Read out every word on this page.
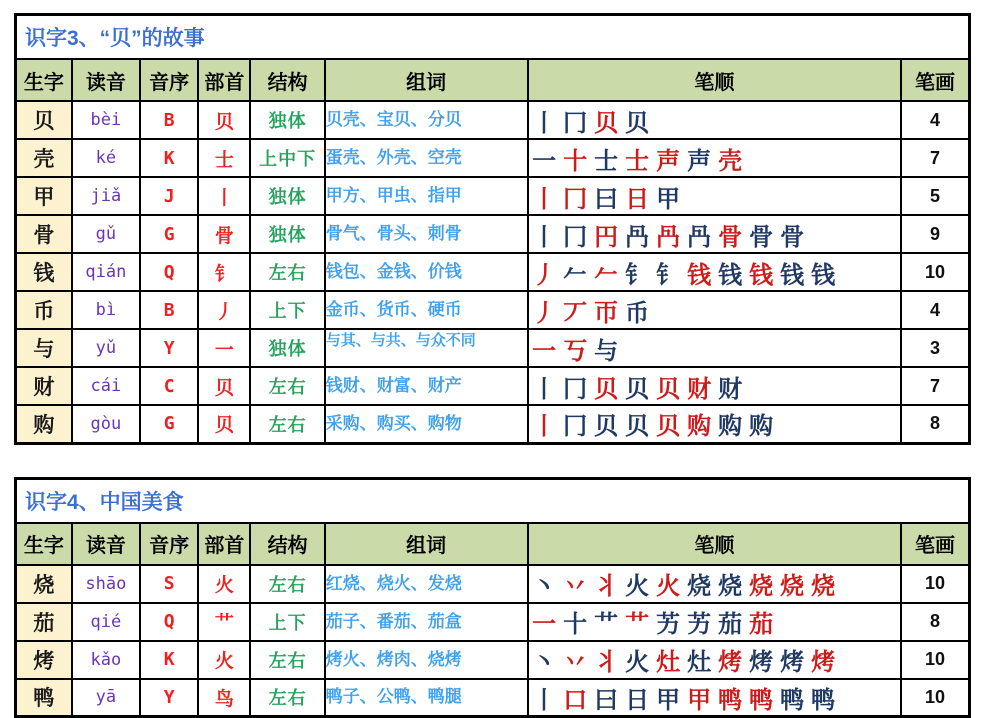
识字3、“贝”的故事							
生字	读音	音序	部首	结构	组词	笔顺	笔画
贝	bèi	B	贝	独体	贝壳、宝贝、分贝	丨 冂 贝 贝	4
壳	ké	K	士	上中下	蛋壳、外壳、空壳	一 十 士 士 声 声 壳	7
甲	jiǎ	J	丨	独体	甲方、甲虫、指甲	丨 冂 曰 日 甲	5
骨	gǔ	G	骨	独体	骨气、骨头、刺骨	丨 冂 円 冎 冎 冎 骨 骨 骨	9
钱	qián	Q	钅	左右	钱包、金钱、价钱	丿 𠂉 𠂉 钅 钅 钱 钱 钱 钱 钱	10
币	bì	B	丿	上下	金币、货币、硬币	丿 丆 帀 币	4
与	yǔ	Y	一	独体	与其、与共、与众不同	一 丂 与	3
财	cái	C	贝	左右	钱财、财富、财产	丨 冂 贝 贝 贝 财 财	7
购	gòu	G	贝	左右	采购、购买、购物	丨 冂 贝 贝 贝 购 购 购	8
识字4、中国美食							
生字	读音	音序	部首	结构	组词	笔顺	笔画
烧	shāo	S	火	左右	红烧、烧火、发烧	丶 丷 丬 火 火 烧 烧 烧 烧 烧	10
茄	qié	Q	艹	上下	茄子、番茄、茄盒	一 十 艹 艹 艻 艻 茄 茄	8
烤	kǎo	K	火	左右	烤火、烤肉、烧烤	丶 丷 丬 火 灶 灶 烤 烤 烤 烤	10
鸭	yā	Y	鸟	左右	鸭子、公鸭、鸭腿	丨 口 曰 日 甲 甲 鸭 鸭 鸭 鸭	10
